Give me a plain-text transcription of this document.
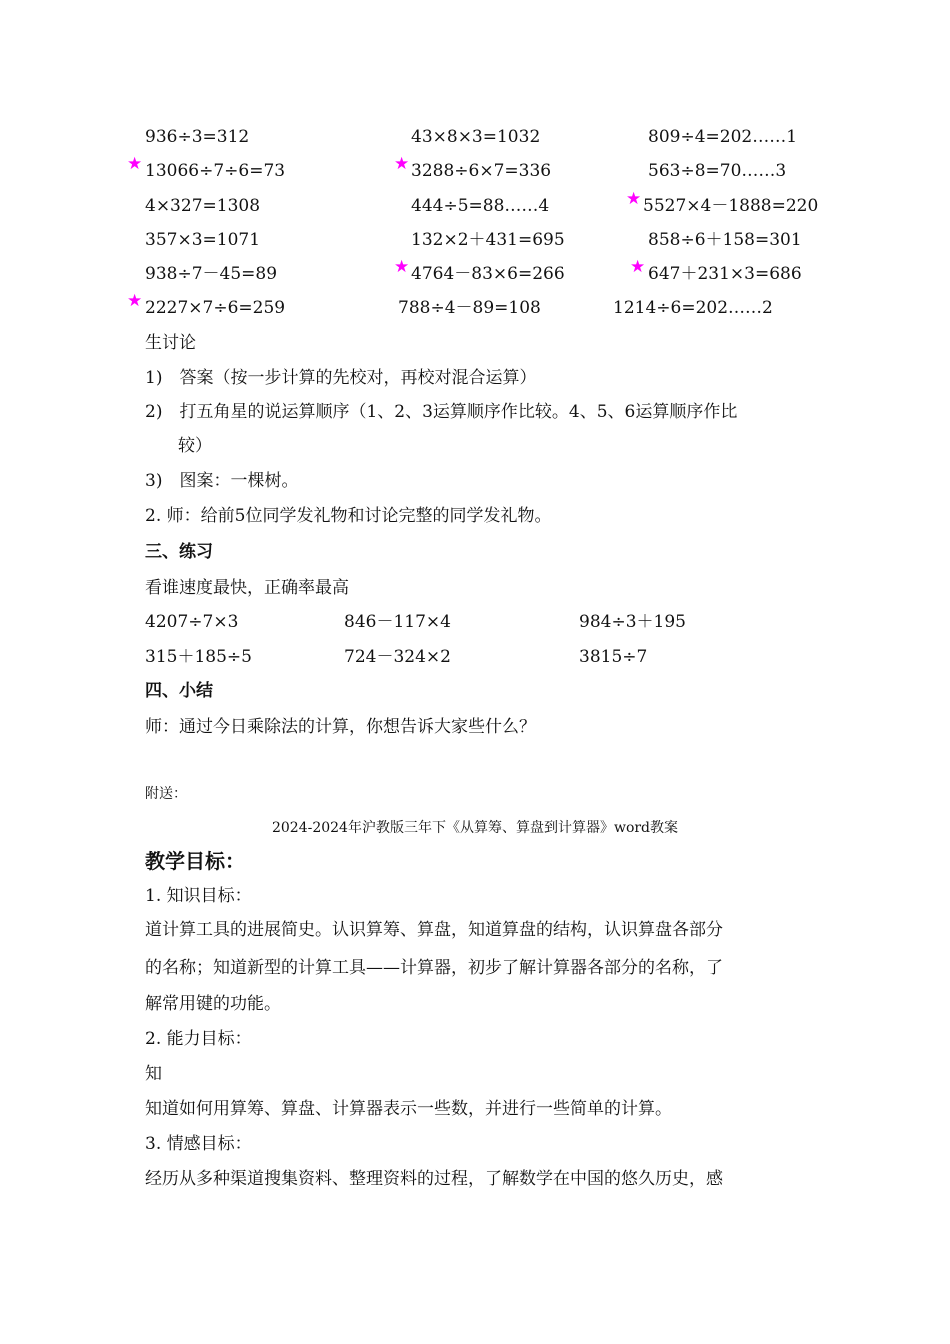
936÷3=312	43×8×3=1032	809÷4=202……1
★ 13066÷7÷6=73	★ 3288÷6×7=336	563÷8=70……3
4×327=1308	444÷5=88……4	★ 5527×4－1888=220
357×3=1071	132×2＋431=695	858÷6＋158=301
938÷7－45=89	★ 4764－83×6=266	★ 647＋231×3=686
★ 2227×7÷6=259	788÷4－89=108	1214÷6=202……2
生讨论
1)　答案（按一步计算的先校对，再校对混合运算）
2)　打五角星的说运算顺序（1、2、3运算顺序作比较。4、5、6运算顺序作比
较）
3)　图案：一棵树。
2. 师：给前5位同学发礼物和讨论完整的同学发礼物。
三、练习
看谁速度最快，正确率最高
4207÷7×3	846－117×4	984÷3＋195
315＋185÷5	724－324×2	3815÷7
四、小结
师：通过今日乘除法的计算，你想告诉大家些什么？
附送：
2024-2024年沪教版三年下《从算筹、算盘到计算器》word教案
教学目标：
1. 知识目标：
道计算工具的进展简史。认识算筹、算盘，知道算盘的结构，认识算盘各部分
的名称；知道新型的计算工具——计算器，初步了解计算器各部分的名称，了
解常用键的功能。
2. 能力目标：
知
知道如何用算筹、算盘、计算器表示一些数，并进行一些简单的计算。
3. 情感目标：
经历从多种渠道搜集资料、整理资料的过程，了解数学在中国的悠久历史，感
